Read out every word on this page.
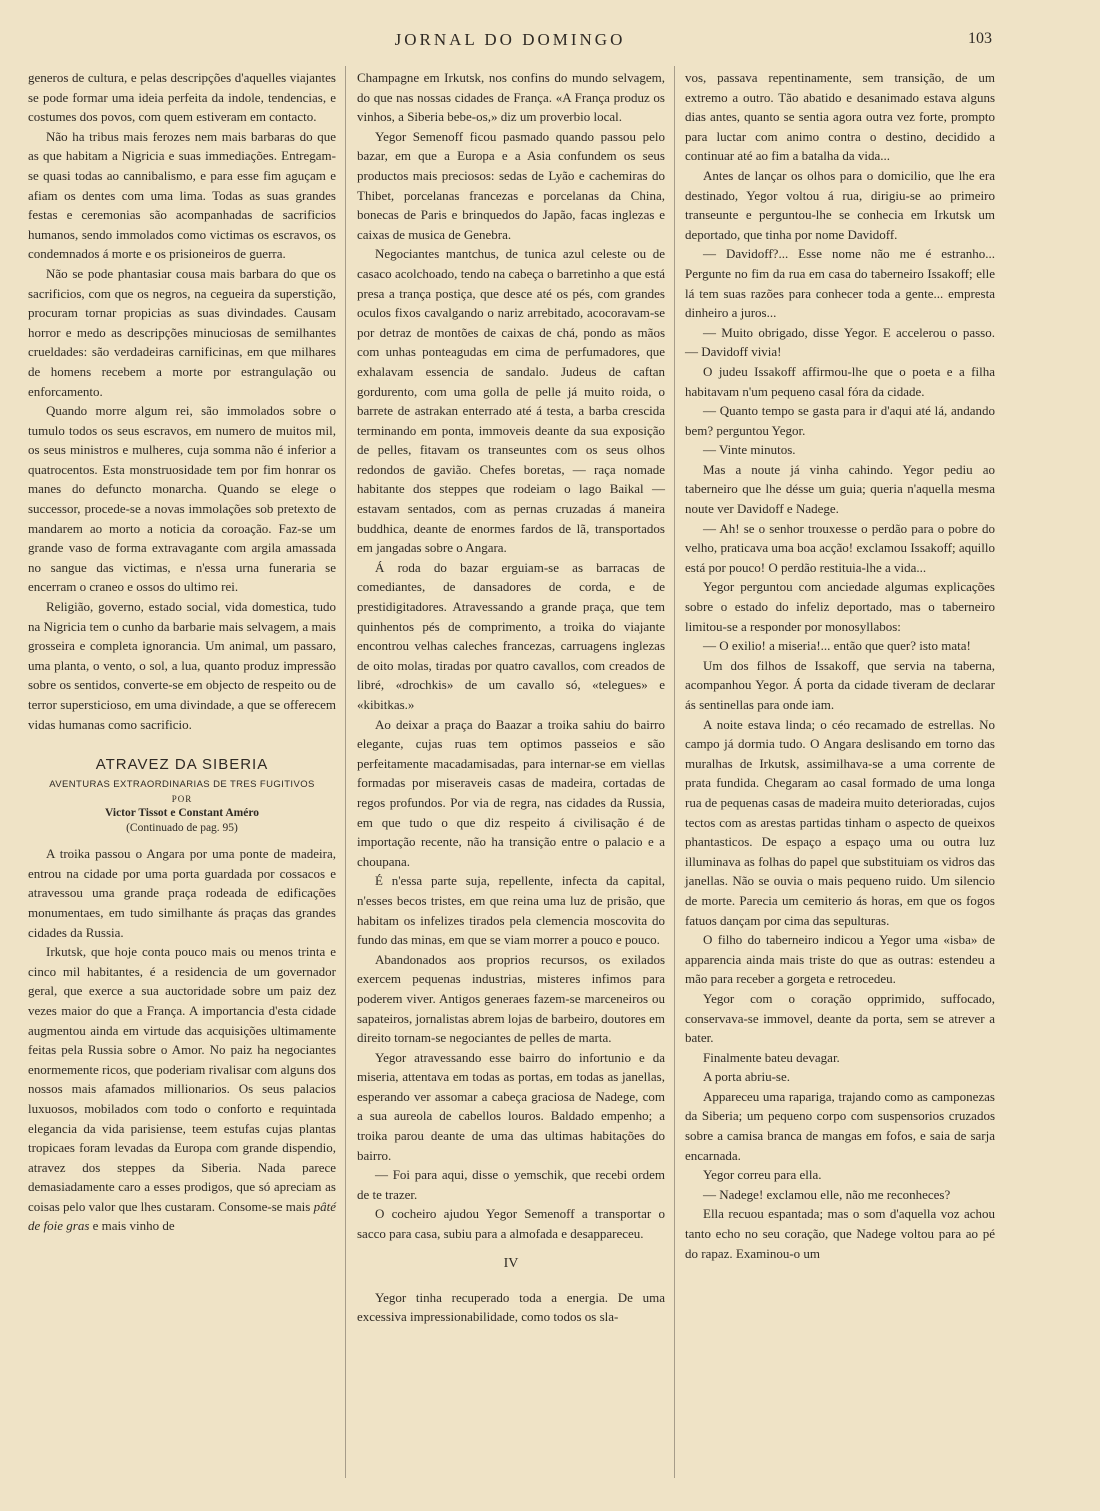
JORNAL DO DOMINGO	103

generos de cultura, e pelas descripções d'aquelles viajantes se pode formar uma ideia perfeita da indole, tendencias, e costumes dos povos, com quem estiveram em contacto.

Não ha tribus mais ferozes nem mais barbaras do que as que habitam a Nigricia e suas immediações. Entregam-se quasi todas ao cannibalismo, e para esse fim aguçam e afiam os dentes com uma lima. Todas as suas grandes festas e ceremonias são acompanhadas de sacrificios humanos, sendo immolados como victimas os escravos, os condemnados á morte e os prisioneiros de guerra.

Não se pode phantasiar cousa mais barbara do que os sacrificios, com que os negros, na cegueira da superstição, procuram tornar propicias as suas divindades. Causam horror e medo as descripções minuciosas de semilhantes crueldades: são verdadeiras carnificinas, em que milhares de homens recebem a morte por estrangulação ou enforcamento.

Quando morre algum rei, são immolados sobre o tumulo todos os seus escravos, em numero de muitos mil, os seus ministros e mulheres, cuja somma não é inferior a quatrocentos. Esta monstruosidade tem por fim honrar os manes do defuncto monarcha. Quando se elege o successor, procede-se a novas immolações sob pretexto de mandarem ao morto a noticia da coroação. Faz-se um grande vaso de forma extravagante com argila amassada no sangue das victimas, e n'essa urna funeraria se encerram o craneo e ossos do ultimo rei.

Religião, governo, estado social, vida domestica, tudo na Nigricia tem o cunho da barbarie mais selvagem, a mais grosseira e completa ignorancia. Um animal, um passaro, uma planta, o vento, o sol, a lua, quanto produz impressão sobre os sentidos, converte-se em objecto de respeito ou de terror supersticioso, em uma divindade, a que se offerecem vidas humanas como sacrificio.

ATRAVEZ DA SIBERIA
AVENTURAS EXTRAORDINARIAS DE TRES FUGITIVOS
POR
Victor Tissot e Constant Améro
(Continuado de pag. 95)

A troika passou o Angara por uma ponte de madeira, entrou na cidade por uma porta guardada por cossacos e atravessou uma grande praça rodeada de edificações monumentaes, em tudo similhante ás praças das grandes cidades da Russia.

Irkutsk, que hoje conta pouco mais ou menos trinta e cinco mil habitantes, é a residencia de um governador geral, que exerce a sua auctoridade sobre um paiz dez vezes maior do que a França. A importancia d'esta cidade augmentou ainda em virtude das acquisições ultimamente feitas pela Russia sobre o Amor. No paiz ha negociantes enormemente ricos, que poderiam rivalisar com alguns dos nossos mais afamados millionarios. Os seus palacios luxuosos, mobilados com todo o conforto e requintada elegancia da vida parisiense, teem estufas cujas plantas tropicaes foram levadas da Europa com grande dispendio, atravez dos steppes da Siberia. Nada parece demasiadamente caro a esses prodigos, que só apreciam as coisas pelo valor que lhes custaram. Consome-se mais pâté de foie gras e mais vinho de

Champagne em Irkutsk, nos confins do mundo selvagem, do que nas nossas cidades de França. «A França produz os vinhos, a Siberia bebe-os,» diz um proverbio local.

Yegor Semenoff ficou pasmado quando passou pelo bazar, em que a Europa e a Asia confundem os seus productos mais preciosos: sedas de Lyão e cachemiras do Thibet, porcelanas francezas e porcelanas da China, bonecas de Paris e brinquedos do Japão, facas inglezas e caixas de musica de Genebra.

Negociantes mantchus, de tunica azul celeste ou de casaco acolchoado, tendo na cabeça o barretinho a que está presa a trança postiça, que desce até os pés, com grandes oculos fixos cavalgando o nariz arrebitado, acocoravam-se por detraz de montões de caixas de chá, pondo as mãos com unhas ponteagudas em cima de perfumadores, que exhalavam essencia de sandalo. Judeus de caftan gordurento, com uma golla de pelle já muito roida, o barrete de astrakan enterrado até á testa, a barba crescida terminando em ponta, immoveis deante da sua exposição de pelles, fitavam os transeuntes com os seus olhos redondos de gavião. Chefes boretas, — raça nomade habitante dos steppes que rodeiam o lago Baikal — estavam sentados, com as pernas cruzadas á maneira buddhica, deante de enormes fardos de lã, transportados em jangadas sobre o Angara.

Á roda do bazar erguiam-se as barracas de comediantes, de dansadores de corda, e de prestidigitadores. Atravessando a grande praça, que tem quinhentos pés de comprimento, a troika do viajante encontrou velhas caleches francezas, carruagens inglezas de oito molas, tiradas por quatro cavallos, com creados de libré, «drochkis» de um cavallo só, «telegues» e «kibitkas.»

Ao deixar a praça do Baazar a troika sahiu do bairro elegante, cujas ruas tem optimos passeios e são perfeitamente macadamisadas, para internar-se em viellas formadas por miseraveis casas de madeira, cortadas de regos profundos. Por via de regra, nas cidades da Russia, em que tudo o que diz respeito á civilisação é de importação recente, não ha transição entre o palacio e a choupana.

É n'essa parte suja, repellente, infecta da capital, n'esses becos tristes, em que reina uma luz de prisão, que habitam os infelizes tirados pela clemencia moscovita do fundo das minas, em que se viam morrer a pouco e pouco.

Abandonados aos proprios recursos, os exilados exercem pequenas industrias, misteres infimos para poderem viver. Antigos generaes fazem-se marceneiros ou sapateiros, jornalistas abrem lojas de barbeiro, doutores em direito tornam-se negociantes de pelles de marta.

Yegor atravessando esse bairro do infortunio e da miseria, attentava em todas as portas, em todas as janellas, esperando ver assomar a cabeça graciosa de Nadege, com a sua aureola de cabellos louros. Baldado empenho; a troika parou deante de uma das ultimas habitações do bairro.

— Foi para aqui, disse o yemschik, que recebi ordem de te trazer.

O cocheiro ajudou Yegor Semenoff a transportar o sacco para casa, subiu para a almofada e desappareceu.

IV

Yegor tinha recuperado toda a energia. De uma excessiva impressionabilidade, como todos os sla-

vos, passava repentinamente, sem transição, de um extremo a outro. Tão abatido e desanimado estava alguns dias antes, quanto se sentia agora outra vez forte, prompto para luctar com animo contra o destino, decidido a continuar até ao fim a batalha da vida...

Antes de lançar os olhos para o domicilio, que lhe era destinado, Yegor voltou á rua, dirigiu-se ao primeiro transeunte e perguntou-lhe se conhecia em Irkutsk um deportado, que tinha por nome Davidoff.

— Davidoff?... Esse nome não me é estranho... Pergunte no fim da rua em casa do taberneiro Issakoff; elle lá tem suas razões para conhecer toda a gente... empresta dinheiro a juros...

— Muito obrigado, disse Yegor. E accelerou o passo. — Davidoff vivia!

O judeu Issakoff affirmou-lhe que o poeta e a filha habitavam n'um pequeno casal fóra da cidade.

— Quanto tempo se gasta para ir d'aqui até lá, andando bem? perguntou Yegor.

— Vinte minutos.

Mas a noute já vinha cahindo. Yegor pediu ao taberneiro que lhe désse um guia; queria n'aquella mesma noute ver Davidoff e Nadege.

— Ah! se o senhor trouxesse o perdão para o pobre do velho, praticava uma boa acção! exclamou Issakoff; aquillo está por pouco! O perdão restituia-lhe a vida...

Yegor perguntou com anciedade algumas explicações sobre o estado do infeliz deportado, mas o taberneiro limitou-se a responder por monosyllabos:

— O exilio! a miseria!... então que quer? isto mata!

Um dos filhos de Issakoff, que servia na taberna, acompanhou Yegor. Á porta da cidade tiveram de declarar ás sentinellas para onde iam.

A noite estava linda; o céo recamado de estrellas. No campo já dormia tudo. O Angara deslisando em torno das muralhas de Irkutsk, assimilhava-se a uma corrente de prata fundida. Chegaram ao casal formado de uma longa rua de pequenas casas de madeira muito deterioradas, cujos tectos com as arestas partidas tinham o aspecto de queixos phantasticos. De espaço a espaço uma ou outra luz illuminava as folhas do papel que substituiam os vidros das janellas. Não se ouvia o mais pequeno ruido. Um silencio de morte. Parecia um cemiterio ás horas, em que os fogos fatuos dançam por cima das sepulturas.

O filho do taberneiro indicou a Yegor uma «isba» de apparencia ainda mais triste do que as outras: estendeu a mão para receber a gorgeta e retrocedeu.

Yegor com o coração opprimido, suffocado, conservava-se immovel, deante da porta, sem se atrever a bater.

Finalmente bateu devagar.

A porta abriu-se.

Appareceu uma rapariga, trajando como as camponezas da Siberia; um pequeno corpo com suspensorios cruzados sobre a camisa branca de mangas em fofos, e saia de sarja encarnada.

Yegor correu para ella.

— Nadege! exclamou elle, não me reconheces?

Ella recuou espantada; mas o som d'aquella voz achou tanto echo no seu coração, que Nadege voltou para ao pé do rapaz. Examinou-o um
